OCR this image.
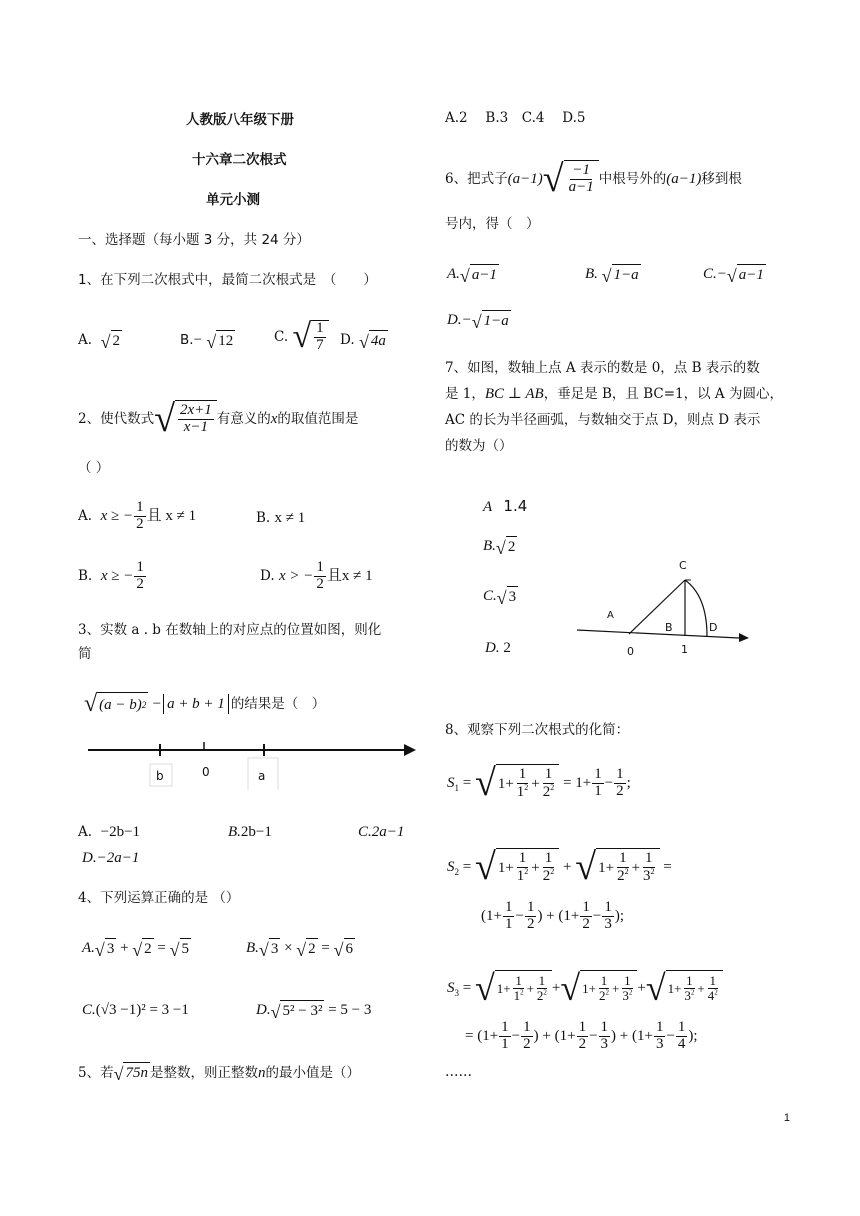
人教版八年级下册
十六章二次根式
单元小测
一、选择题（每小题 3 分，共 24 分）
1、在下列二次根式中，最简二次根式是　（　　）
A. √ 2	B.− √ 12	C.
√ $\frac{1}{7} D$. √ 4a
2、使代数式 √ $\frac{2x+1}{x-1}$ 有意义的 x 的取值范围是
（ ）
A.
x ≥ − $\frac{1}{2}$ 且 x ≠ 1	B. x ≠ 1
B.
x ≥ − $\frac{1}{2}$	D.
x > − $\frac{1}{2}$ 且x ≠ 1
3、实数 a . b 在数轴上的对应点的位置如图，则化
简
√ (a − b) 2
− a + b + 1 的结果是（　）
b	0	a
A. −2b−1	B.2b−1	C.2a−1
D.−2a−1
4、下列运算正确的是 （）
A. √ 3 + √ 2 = √ 5	B. √ 3 × √ 2 = √ 6
C.(√3 −1)² = 3 −1	D. √ 5² − 3² = 5 − 3
5、若 √ 75n 是整数，则正整数 n 的最小值是（）
A.2　 B.3　C.4　 D.5
6、把式子 (a−1) √ $\frac{-1}{a-1}$ 中根号外的 (a−1) 移到根
号内，得（　）
A. √ a−1	B. √ 1−a	C.− √ a−1
D.− √ 1−a
7、如图，数轴上点 A 表示的数是 0，点 B 表示的数
是 1，BC ⊥ AB，垂足是 B，且 BC=1，以 A 为圆心，
AC 的长为半径画弧，与数轴交于点 D，则点 D 表示
的数为（）
A 1.4
B. √ 2
C. √ 3
D. 2
C
A
B	D
0	1
8、观察下列二次根式的化简：
$S_1$ = √ $1+ \frac{1}{1^2} + \frac{1}{2^2} = 1+ \frac{1}{1} - \frac{1}{2}$ ;
$S_2$ = √ $1+ \frac{1}{1^2} + \frac{1}{2^2}$ + √ $1+ \frac{1}{2^2} + \frac{1}{3^2}$ =
($1+ \frac{1}{1} - \frac{1}{2}$ ) + ($1+ \frac{1}{2} - \frac{1}{3}$ );
$S_3$ = √ $1+ \frac{1}{1^2} + \frac{1}{2^2}$ + √ $1+ \frac{1}{2^2} + \frac{1}{3^2}$ + √ $1+ \frac{1}{3^2} + \frac{1}{4^2}$
= ($1+ \frac{1}{1} - \frac{1}{2}$ ) + ($1+ \frac{1}{2} - \frac{1}{3}$ ) + ($1+ \frac{1}{3} - \frac{1}{4}$ );
……
1
